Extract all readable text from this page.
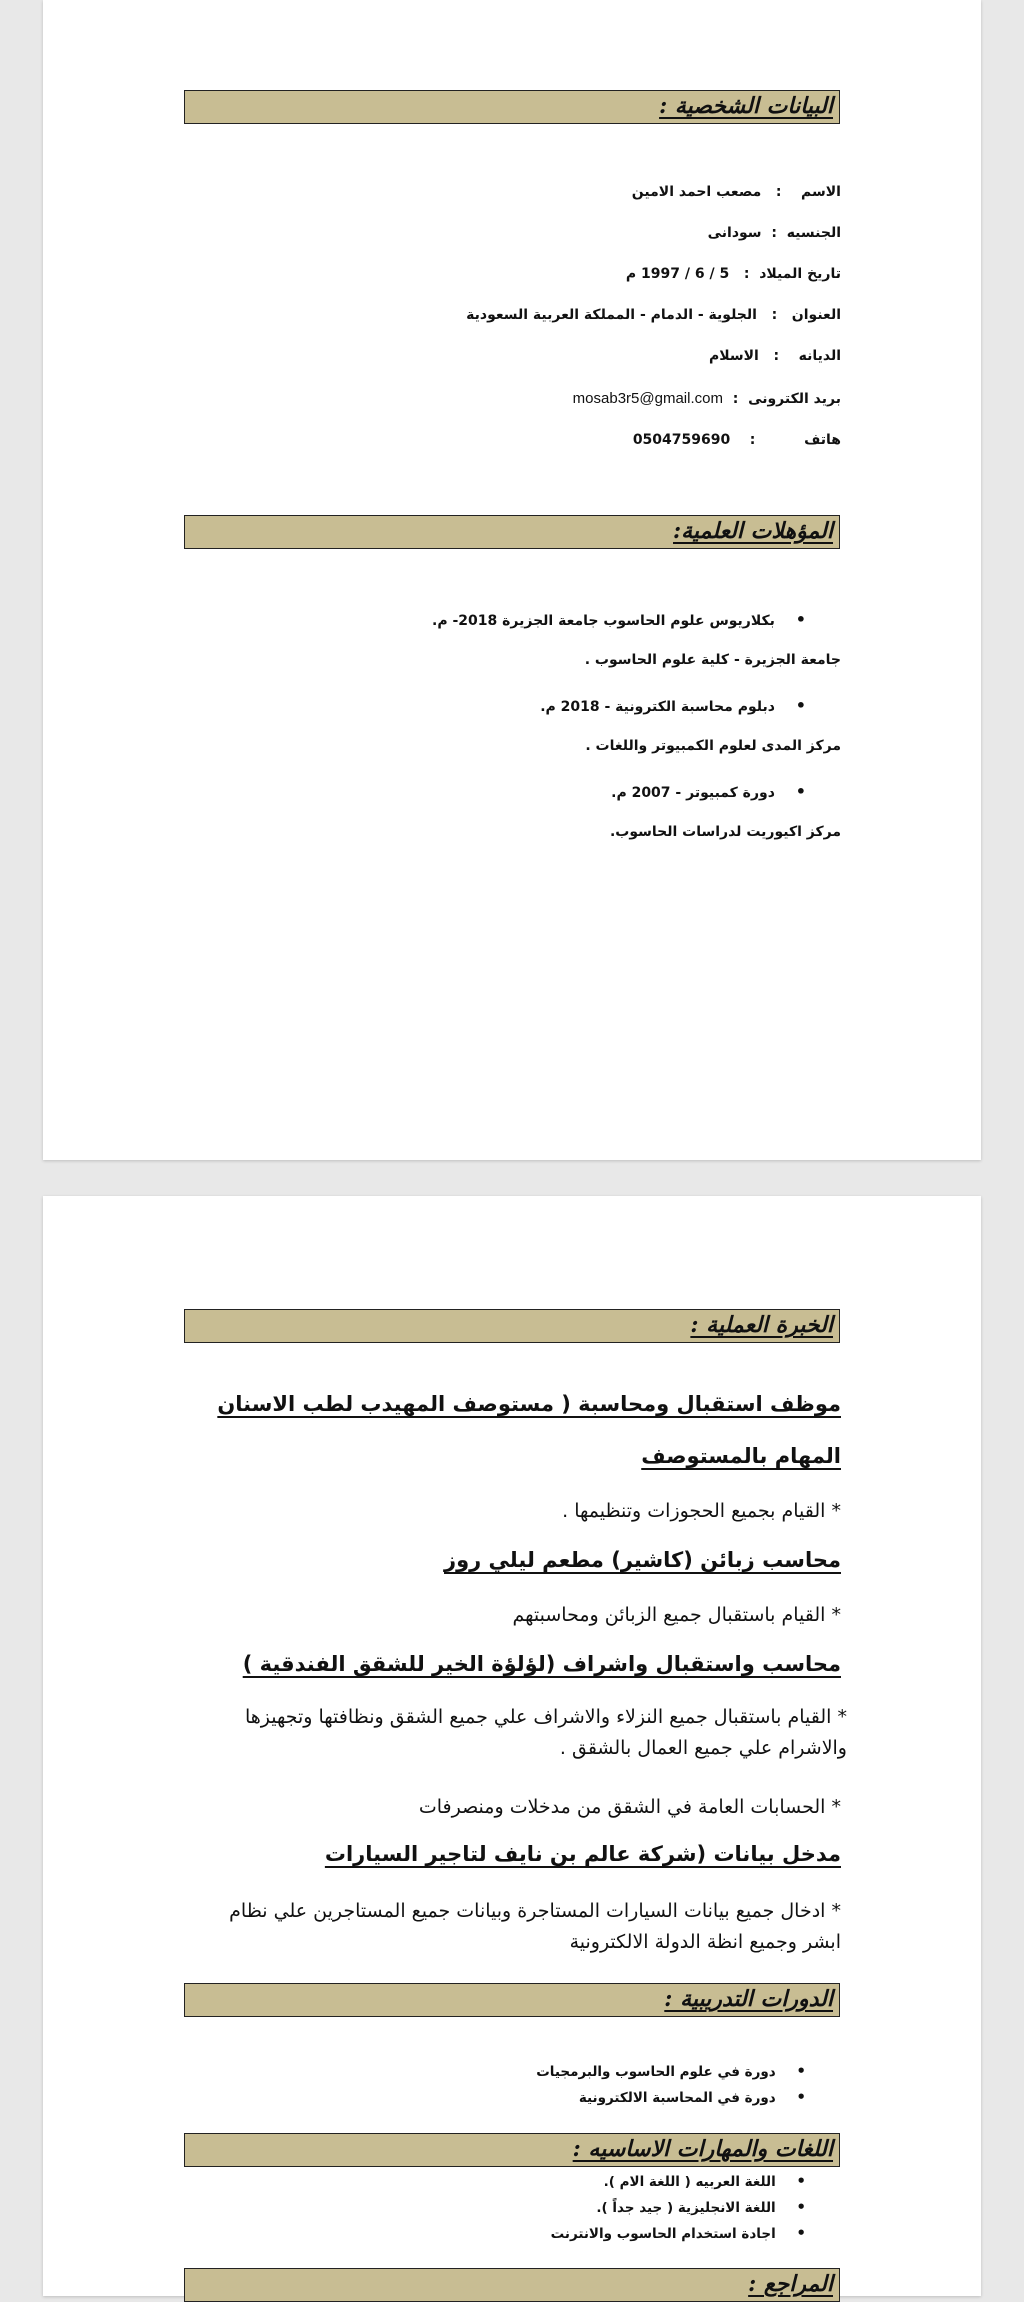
البيانات الشخصية :
الاسم    :   مصعب احمد الامين
الجنسيه  :  سودانى
تاريخ الميلاد  :   5 / 6 / 1997 م
العنوان   :   الجلوية - الدمام - المملكة العربية السعودية
الديانه    :   الاسلام
بريد الكترونى  :  mosab3r5@gmail.com
هاتف          :    0504759690
المؤهلات العلمية:
• بكلاريوس علوم الحاسوب جامعة الجزيرة 2018- م.
جامعة الجزيرة - كلية علوم الحاسوب .
• دبلوم محاسبة الكترونية - 2018 م.
مركز المدى لعلوم الكمبيوتر واللغات .
• دورة كمبيوتر - 2007 م.
مركز اكيوريت لدراسات الحاسوب.
الخبرة العملية :
موظف استقبال ومحاسبة ( مستوصف المهيدب لطب الاسنان
المهام بالمستوصف
* القيام بجميع الحجوزات وتنظيمها .
محاسب زبائن (كاشير) مطعم ليلي روز
* القيام باستقبال جميع الزبائن ومحاسبتهم
محاسب واستقبال واشراف (لؤلؤة الخير للشقق الفندقية )
* القيام باستقبال جميع النزلاء والاشراف علي جميع الشقق ونظافتها وتجهيزها والاشرام علي جميع العمال بالشقق .
* الحسابات العامة في الشقق من مدخلات ومنصرفات
مدخل بيانات (شركة عالم بن نايف لتاجير السيارات
* ادخال جميع بيانات السيارات المستاجرة وبيانات جميع المستاجرين علي نظام ابشر وجميع انظة الدولة الالكترونية
الدورات التدريبية :
• دورة في علوم الحاسوب والبرمجيات
• دورة في المحاسبة الالكترونية
اللغات والمهارات الاساسيه :
• اللغة العربيه ( اللغة الام ).
• اللغة الانجليزية ( جيد جداً ).
• اجادة استخدام الحاسوب والانترنت
المراجع :
